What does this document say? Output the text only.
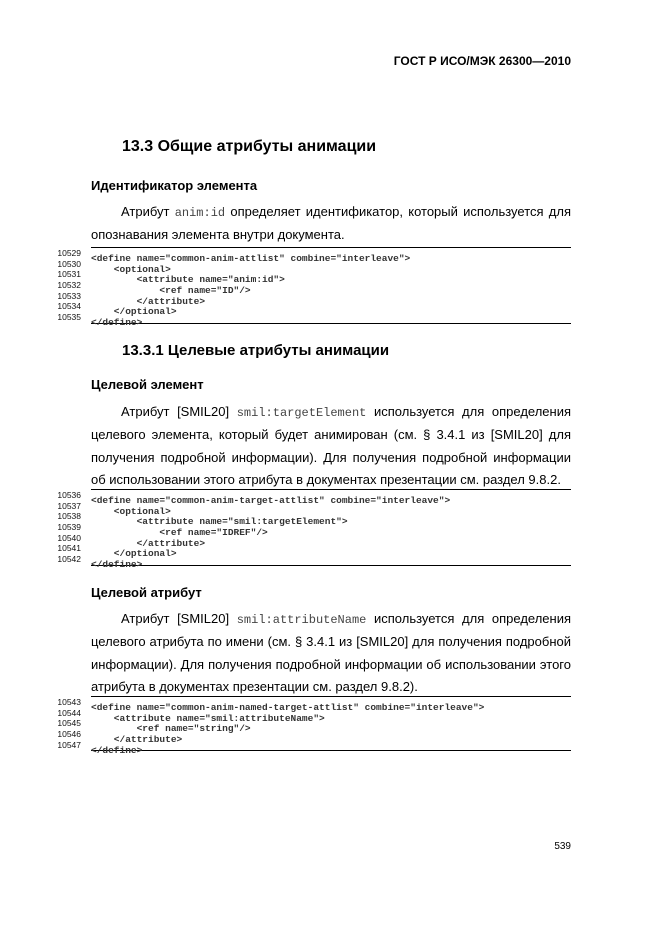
ГОСТ Р ИСО/МЭК 26300—2010
13.3 Общие атрибуты анимации
Идентификатор элемента
Атрибут anim:id определяет идентификатор, который используется для опознавания элемента внутри документа.
10529 <define name="common-anim-attlist" combine="interleave">
10530 <optional>
10531 <attribute name="anim:id">
10532 <ref name="ID"/>
10533 </attribute>
10534 </optional>
10535 </define>
13.3.1 Целевые атрибуты анимации
Целевой элемент
Атрибут [SMIL20] smil:targetElement используется для определения целевого элемента, который будет анимирован (см. § 3.4.1 из [SMIL20] для получения подробной информации). Для получения подробной информации об использовании этого атрибута в документах презентации см. раздел 9.8.2.
10536 <define name="common-anim-target-attlist" combine="interleave">
10537 <optional>
10538 <attribute name="smil:targetElement">
10539 <ref name="IDREF"/>
10540 </attribute>
10541 </optional>
10542 </define>
Целевой атрибут
Атрибут [SMIL20] smil:attributeName используется для определения целевого атрибута по имени (см. § 3.4.1 из [SMIL20] для получения подробной информации). Для получения подробной информации об использовании этого атрибута в документах презентации см. раздел 9.8.2).
10543 <define name="common-anim-named-target-attlist" combine="interleave">
10544 <attribute name="smil:attributeName">
10545 <ref name="string"/>
10546 </attribute>
10547 </define>
539
